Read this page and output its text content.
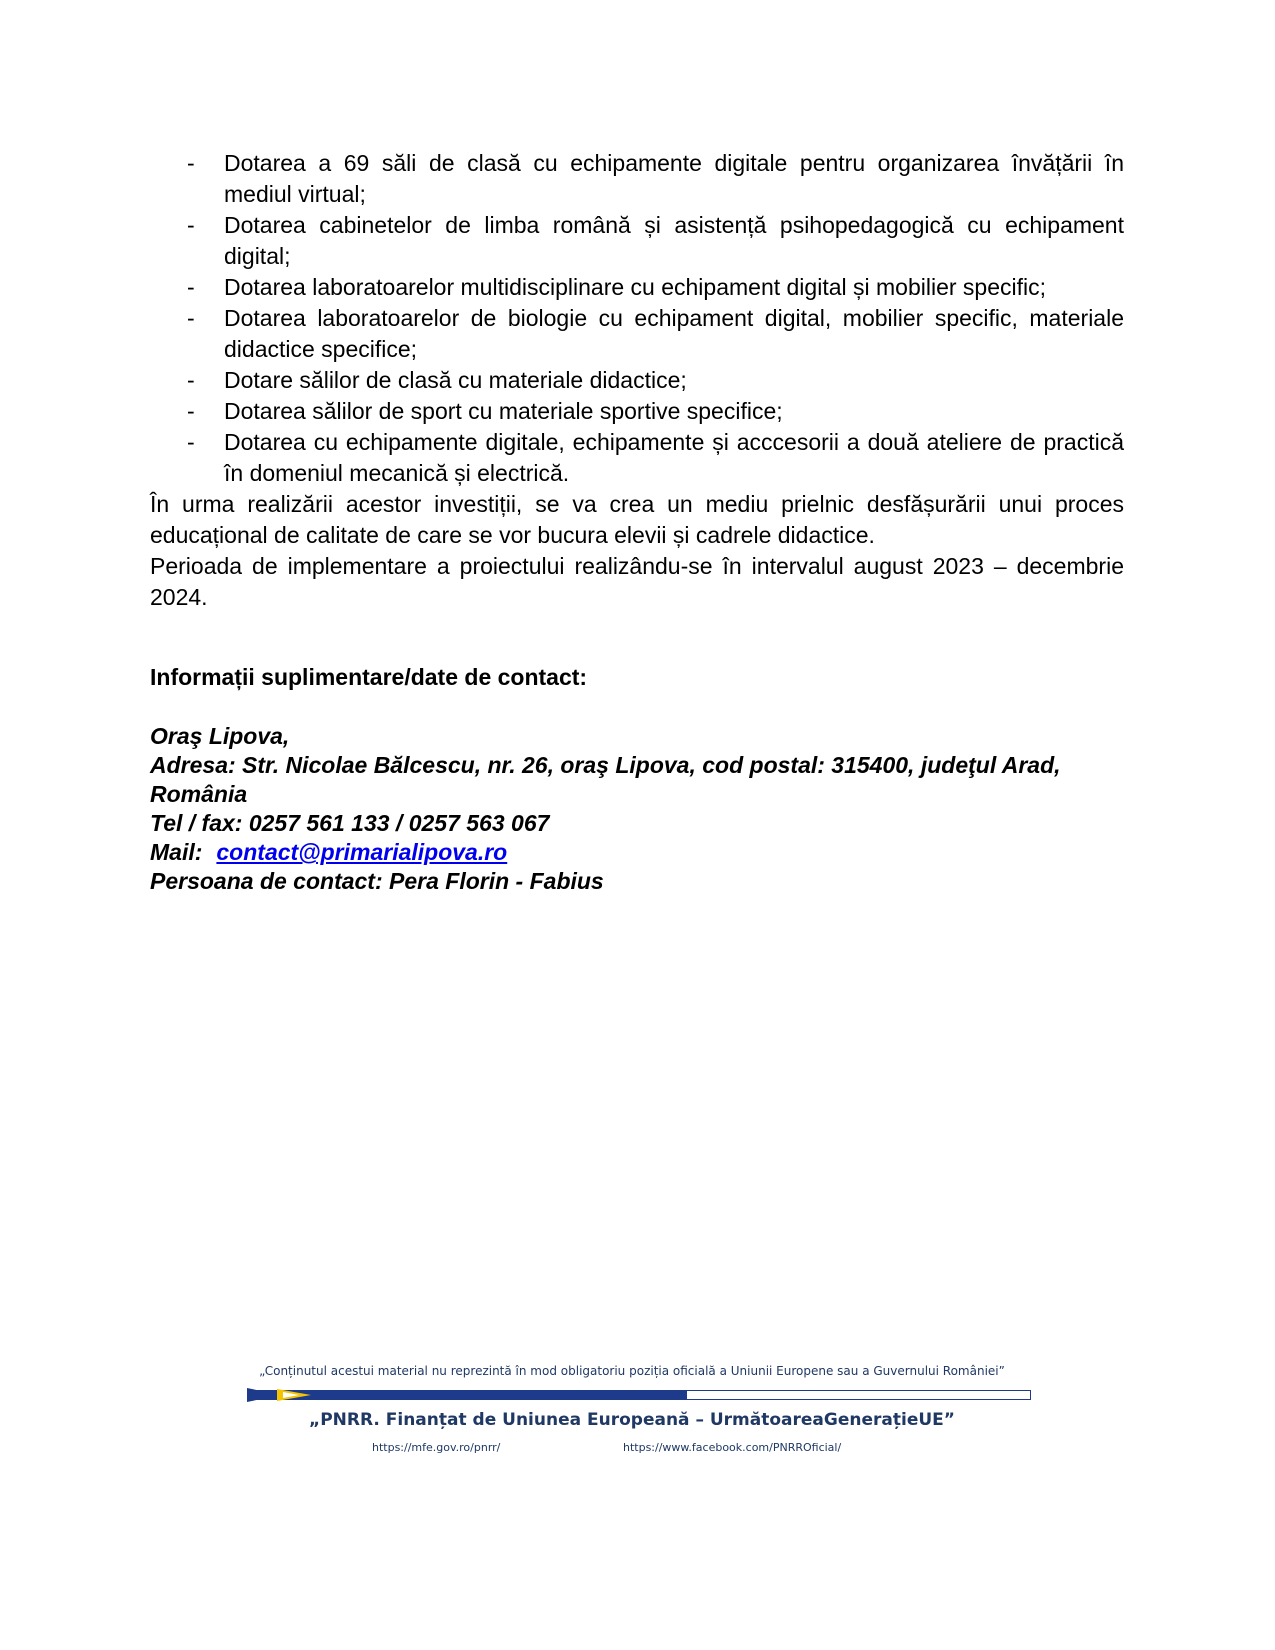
- Dotarea a 69 săli de clasă cu echipamente digitale pentru organizarea învățării în mediul virtual;
- Dotarea cabinetelor de limba română și asistență psihopedagogică cu echipament digital;
- Dotarea laboratoarelor multidisciplinare cu echipament digital și mobilier specific;
- Dotarea laboratoarelor de biologie cu echipament digital, mobilier specific, materiale didactice specifice;
- Dotare sălilor de clasă cu materiale didactice;
- Dotarea sălilor de sport cu materiale sportive specifice;
- Dotarea cu echipamente digitale, echipamente și acccesorii a două ateliere de practică în domeniul mecanică și electrică.

În urma realizării acestor investiții, se va crea un mediu prielnic desfășurării unui proces educațional de calitate de care se vor bucura elevii și cadrele didactice.

Perioada de implementare a proiectului realizându-se în intervalul august 2023 – decembrie 2024.

Informații suplimentare/date de contact:
Oraş Lipova,
Adresa: Str. Nicolae Bălcescu, nr. 26, oraş Lipova, cod postal: 315400, judeţul Arad, România
Tel / fax: 0257 561 133 / 0257 563 067
Mail: contact@primarialipova.ro
Persoana de contact: Pera Florin - Fabius
„Conținutul acestui material nu reprezintă în mod obligatoriu poziția oficială a Uniunii Europene sau a Guvernului României”
„PNRR. Finanțat de Uniunea Europeană – UrmătoareaGenerațieUE”
https://mfe.gov.ro/pnrr/	https://www.facebook.com/PNRROficial/
